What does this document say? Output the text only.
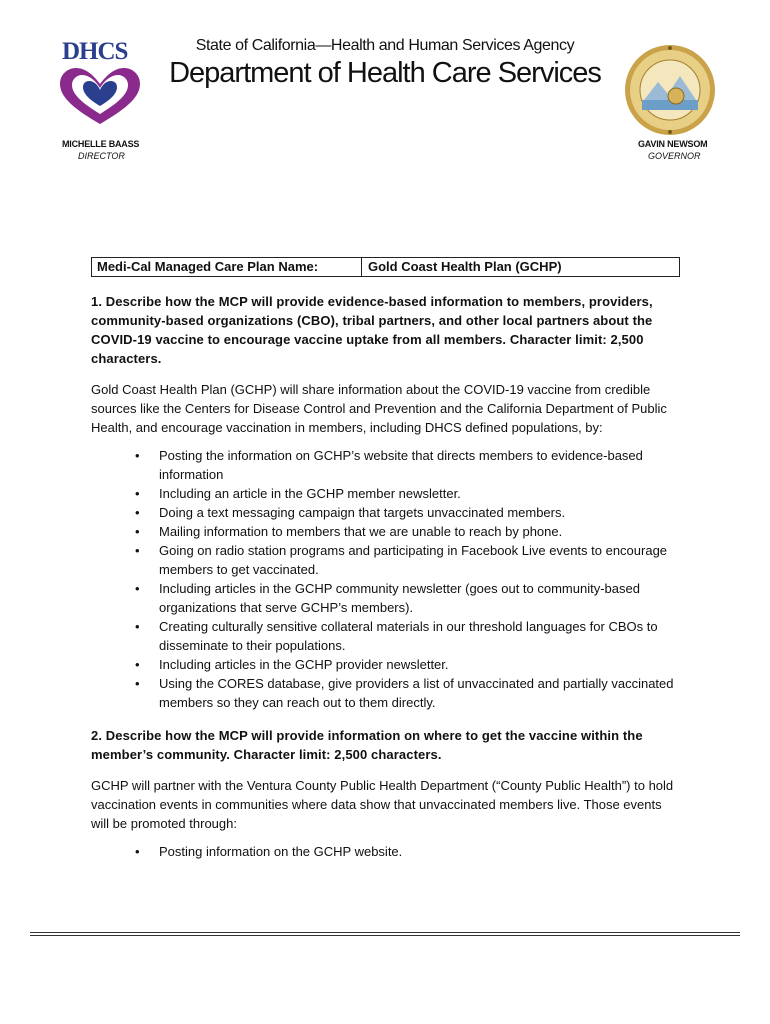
DHCS	State of California—Health and Human Services Agency
Department of Health Care Services
MICHELLE BAASS
DIRECTOR
GAVIN NEWSOM
GOVERNOR
Medi-Cal Managed Care Plan Name:	Gold Coast Health Plan (GCHP)
1. Describe how the MCP will provide evidence-based information to members, providers, community-based organizations (CBO), tribal partners, and other local partners about the COVID-19 vaccine to encourage vaccine uptake from all members. Character limit: 2,500 characters.
Gold Coast Health Plan (GCHP) will share information about the COVID-19 vaccine from credible sources like the Centers for Disease Control and Prevention and the California Department of Public Health, and encourage vaccination in members, including DHCS defined populations, by:
• Posting the information on GCHP’s website that directs members to evidence-based information
• Including an article in the GCHP member newsletter.
• Doing a text messaging campaign that targets unvaccinated members.
• Mailing information to members that we are unable to reach by phone.
• Going on radio station programs and participating in Facebook Live events to encourage members to get vaccinated.
• Including articles in the GCHP community newsletter (goes out to community-based organizations that serve GCHP’s members).
• Creating culturally sensitive collateral materials in our threshold languages for CBOs to disseminate to their populations.
• Including articles in the GCHP provider newsletter.
• Using the CORES database, give providers a list of unvaccinated and partially vaccinated members so they can reach out to them directly.
2. Describe how the MCP will provide information on where to get the vaccine within the member’s community. Character limit: 2,500 characters.
GCHP will partner with the Ventura County Public Health Department (“County Public Health”) to hold vaccination events in communities where data show that unvaccinated members live. Those events will be promoted through:
• Posting information on the GCHP website.
